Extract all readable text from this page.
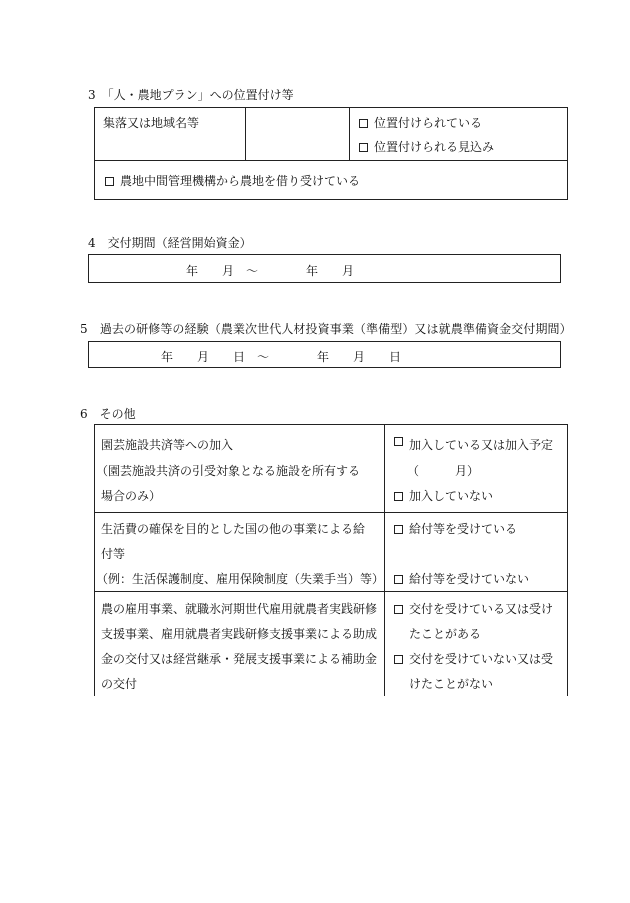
3　「人・農地プラン」への位置付け等
集落又は地域名等	位置付けられている
位置付けられる見込み
農地中間管理機構から農地を借り受けている
4　交付期間（経営開始資金）
年　　月　～　　　　年　　月
5　過去の研修等の経験（農業次世代人材投資事業（準備型）又は就農準備資金交付期間）
年　　月　　日　～　　　　年　　月　　日
6　その他
園芸施設共済等への加入
（園芸施設共済の引受対象となる施設を所有する
場合のみ）
加入している又は加入予定
（　　　月）
加入していない
生活費の確保を目的とした国の他の事業による給
付等
（例：生活保護制度、雇用保険制度（失業手当）等）
給付等を受けている
給付等を受けていない
農の雇用事業、就職氷河期世代雇用就農者実践研修
支援事業、雇用就農者実践研修支援事業による助成
金の交付又は経営継承・発展支援事業による補助金
の交付
交付を受けている又は受け
たことがある
交付を受けていない又は受
けたことがない
